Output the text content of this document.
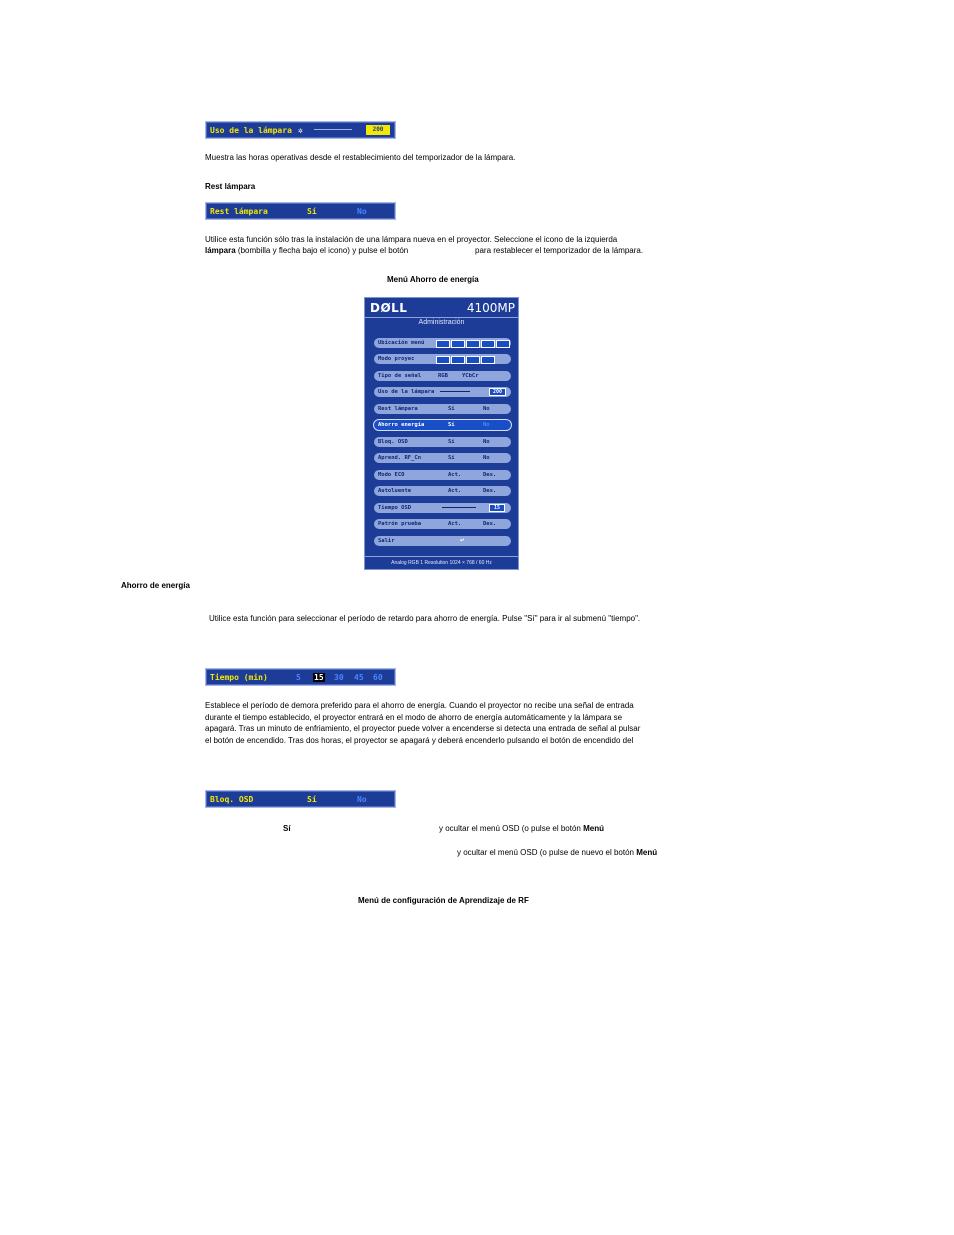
Uso de la lámpara ✲	200
Muestra las horas operativas desde el restablecimiento del temporizador de la lámpara.
Rest lámpara
Rest lámpara	Sí	No
Utilice esta función sólo tras la instalación de una lámpara nueva en el proyector. Seleccione el icono de la izquierda
lámpara (bombilla y flecha bajo el icono) y pulse el botón	para restablecer el temporizador de la lámpara.
Menú Ahorro de energía
DØLL	4100MP
Administración
Ubicación menú
Modo proyec
Tipo de señal	RGB	YCbCr
Uso de la lámpara	200
Rest lámpara	Sí	No
Ahorro energía	Sí	No
Bloq. OSD	Sí	No
Aprend. RF_Cn	Sí	No
Modo ECO	Act.	Des.
Autoluente	Act.	Des.
Tiempo OSD	15
Patrón prueba	Act.	Des.
Salir	↩
Analog RGB 1 Resolution 1024 × 768 / 60 Hz
Ahorro de energía
Utilice esta función para seleccionar el período de retardo para ahorro de energía. Pulse "Sí" para ir al submenú "tiempo".
Tiempo (min)	5 15 30 45 60
Establece el período de demora preferido para el ahorro de energía. Cuando el proyector no recibe una señal de entrada
durante el tiempo establecido, el proyector entrará en el modo de ahorro de energía automáticamente y la lámpara se
apagará. Tras un minuto de enfriamiento, el proyector puede volver a encenderse si detecta una entrada de señal al pulsar
el botón de encendido. Tras dos horas, el proyector se apagará y deberá encenderlo pulsando el botón de encendido del
Bloq. OSD	Sí	No
Sí	y ocultar el menú OSD (o pulse el botón Menú
y ocultar el menú OSD (o pulse de nuevo el botón Menú
Menú de configuración de Aprendizaje de RF
